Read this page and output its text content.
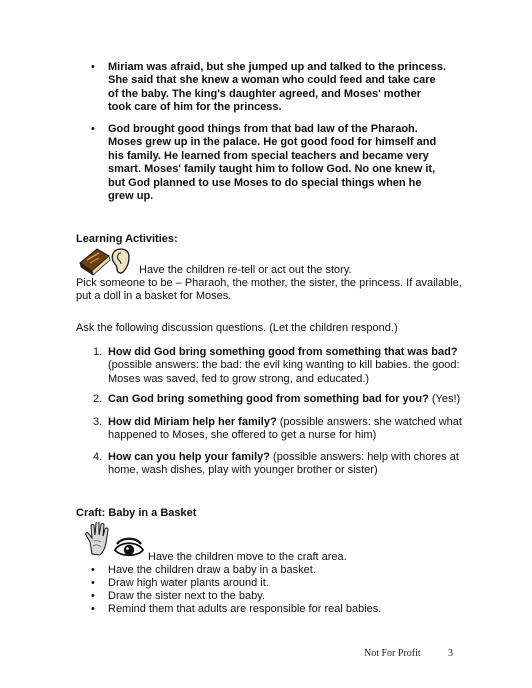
• Miriam was afraid, but she jumped up and talked to the princess.
She said that she knew a woman who could feed and take care
of the baby. The king's daughter agreed, and Moses' mother
took care of him for the princess.
• God brought good things from that bad law of the Pharaoh.
Moses grew up in the palace. He got good food for himself and
his family. He learned from special teachers and became very
smart. Moses' family taught him to follow God. No one knew it,
but God planned to use Moses to do special things when he
grew up.
Learning Activities:
Have the children re-tell or act out the story.
Pick someone to be – Pharaoh, the mother, the sister, the princess. If available,
put a doll in a basket for Moses.
Ask the following discussion questions. (Let the children respond.)
1. How did God bring something good from something that was bad?
(possible answers: the bad: the evil king wanting to kill babies. the good:
Moses was saved, fed to grow strong, and educated.)
2. Can God bring something good from something bad for you? (Yes!)
3. How did Miriam help her family? (possible answers: she watched what
happened to Moses, she offered to get a nurse for him)
4. How can you help your family? (possible answers: help with chores at
home, wash dishes, play with younger brother or sister)
Craft: Baby in a Basket
Have the children move to the craft area.
• Have the children draw a baby in a basket.
• Draw high water plants around it.
• Draw the sister next to the baby.
• Remind them that adults are responsible for real babies.
Not For Profit	3
